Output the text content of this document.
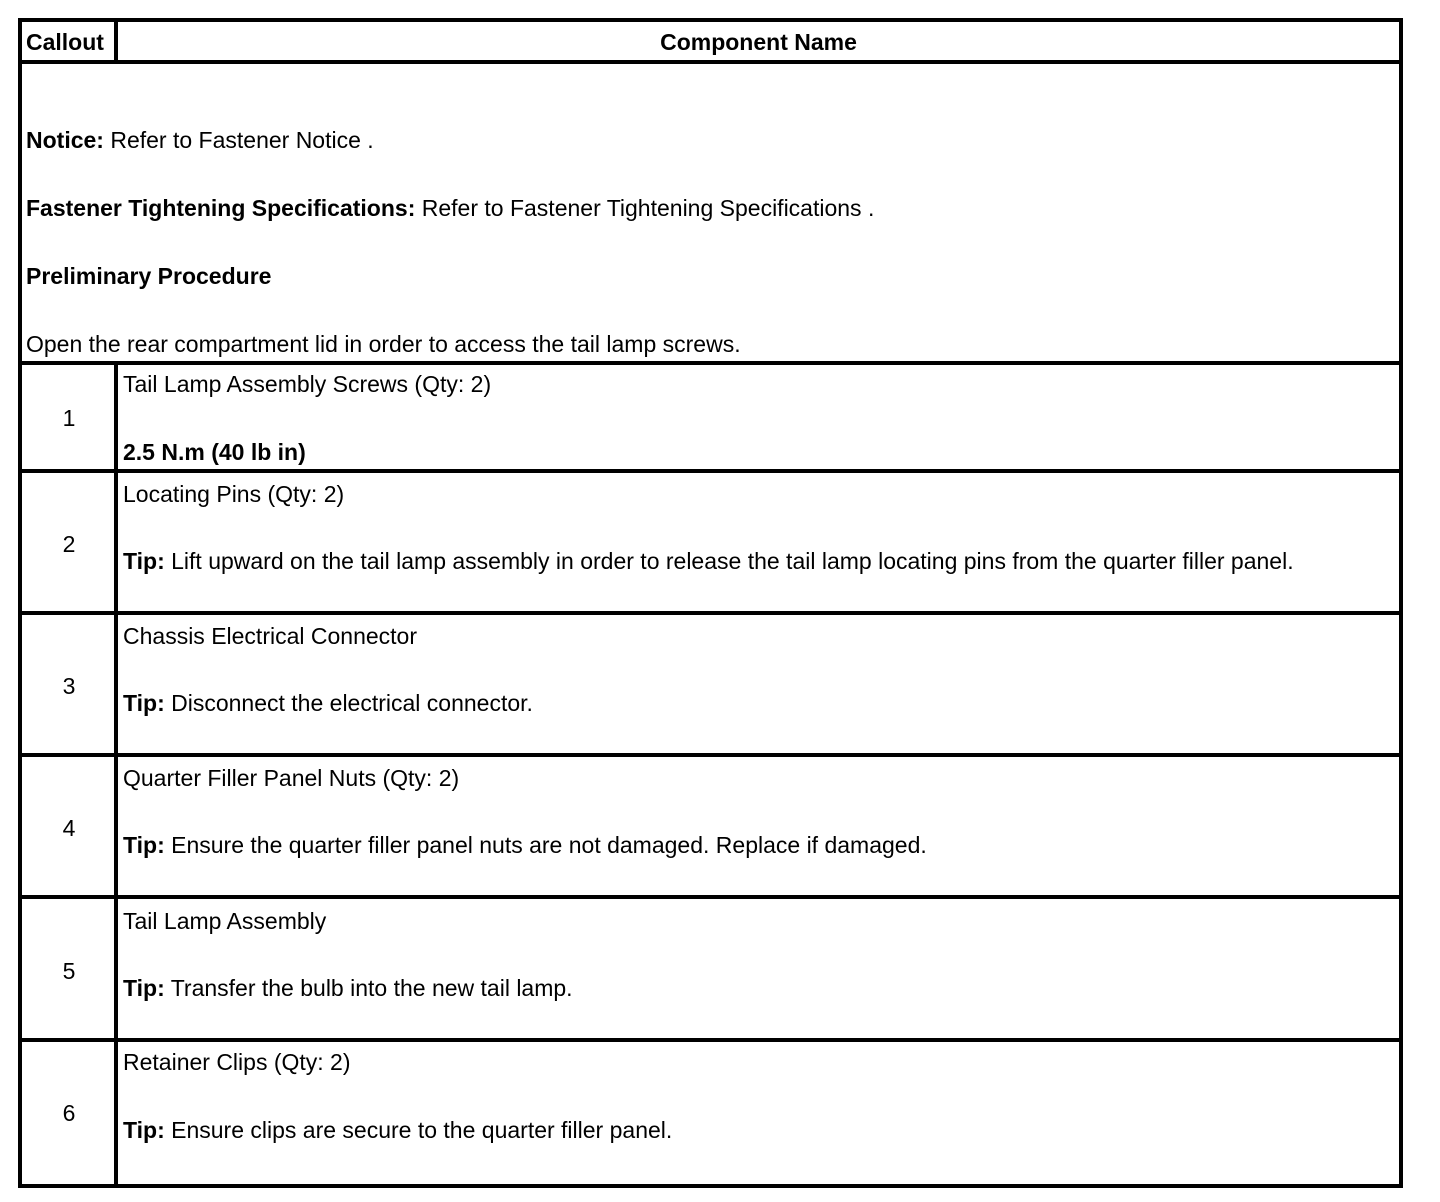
Callout	Component Name
Notice: Refer to Fastener Notice .
Fastener Tightening Specifications: Refer to Fastener Tightening Specifications .
Preliminary Procedure
Open the rear compartment lid in order to access the tail lamp screws.
1
Tail Lamp Assembly Screws (Qty: 2)
2.5 N.m (40 lb in)
2
Locating Pins (Qty: 2)
Tip: Lift upward on the tail lamp assembly in order to release the tail lamp locating pins from the quarter filler panel.
3
Chassis Electrical Connector
Tip: Disconnect the electrical connector.
4
Quarter Filler Panel Nuts (Qty: 2)
Tip: Ensure the quarter filler panel nuts are not damaged. Replace if damaged.
5
Tail Lamp Assembly
Tip: Transfer the bulb into the new tail lamp.
6
Retainer Clips (Qty: 2)
Tip: Ensure clips are secure to the quarter filler panel.
